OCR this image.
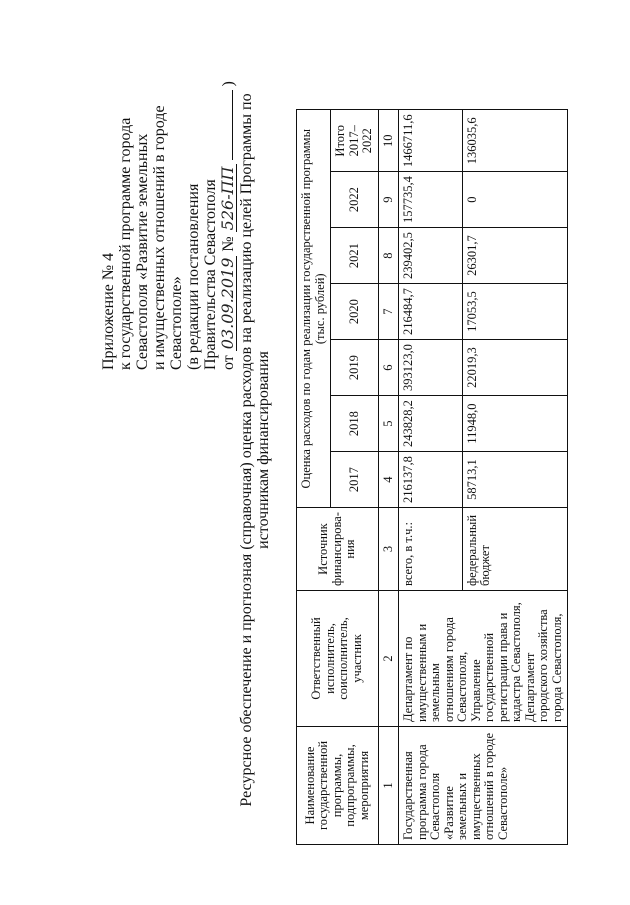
Приложение № 4 к государственной программе города Севастополя «Развитие земельных и имущественных отношений в городе Севастополе» (в редакции постановления Правительства Севастополя от
03.09.2019
№
526-ПП
)
Ресурсное обеспечение и прогнозная (справочная) оценка расходов на реализацию целей Программы по источникам финансирования
Наименование государственной программы, подпрограммы, мероприятия	Ответственный исполнитель, соисполнитель, участник	Источник финансирова-ния	Оценка расходов по годам реализации государственной программы (тыс. рублей)						
			2017	2018	2019	2020	2021	2022	Итого 2017–2022
1	2	3	4	5	6	7	8	9	10
Государственная программа города Севастополя «Развитие земельных и имущественных отношений в городе Севастополе»	Департамент по имущественным и земельным отношениям города Севастополя, Управление государственной регистрации права и кадастра Севастополя, Департамент городского хозяйства города Севастополя,	всего, в т.ч.:	216137,8	243828,2	393123,0	216484,7	239402,5	157735,4	1466711,6
		федеральный бюджет	58713,1	11948,0	22019,3	17053,5	26301,7	0	136035,6
